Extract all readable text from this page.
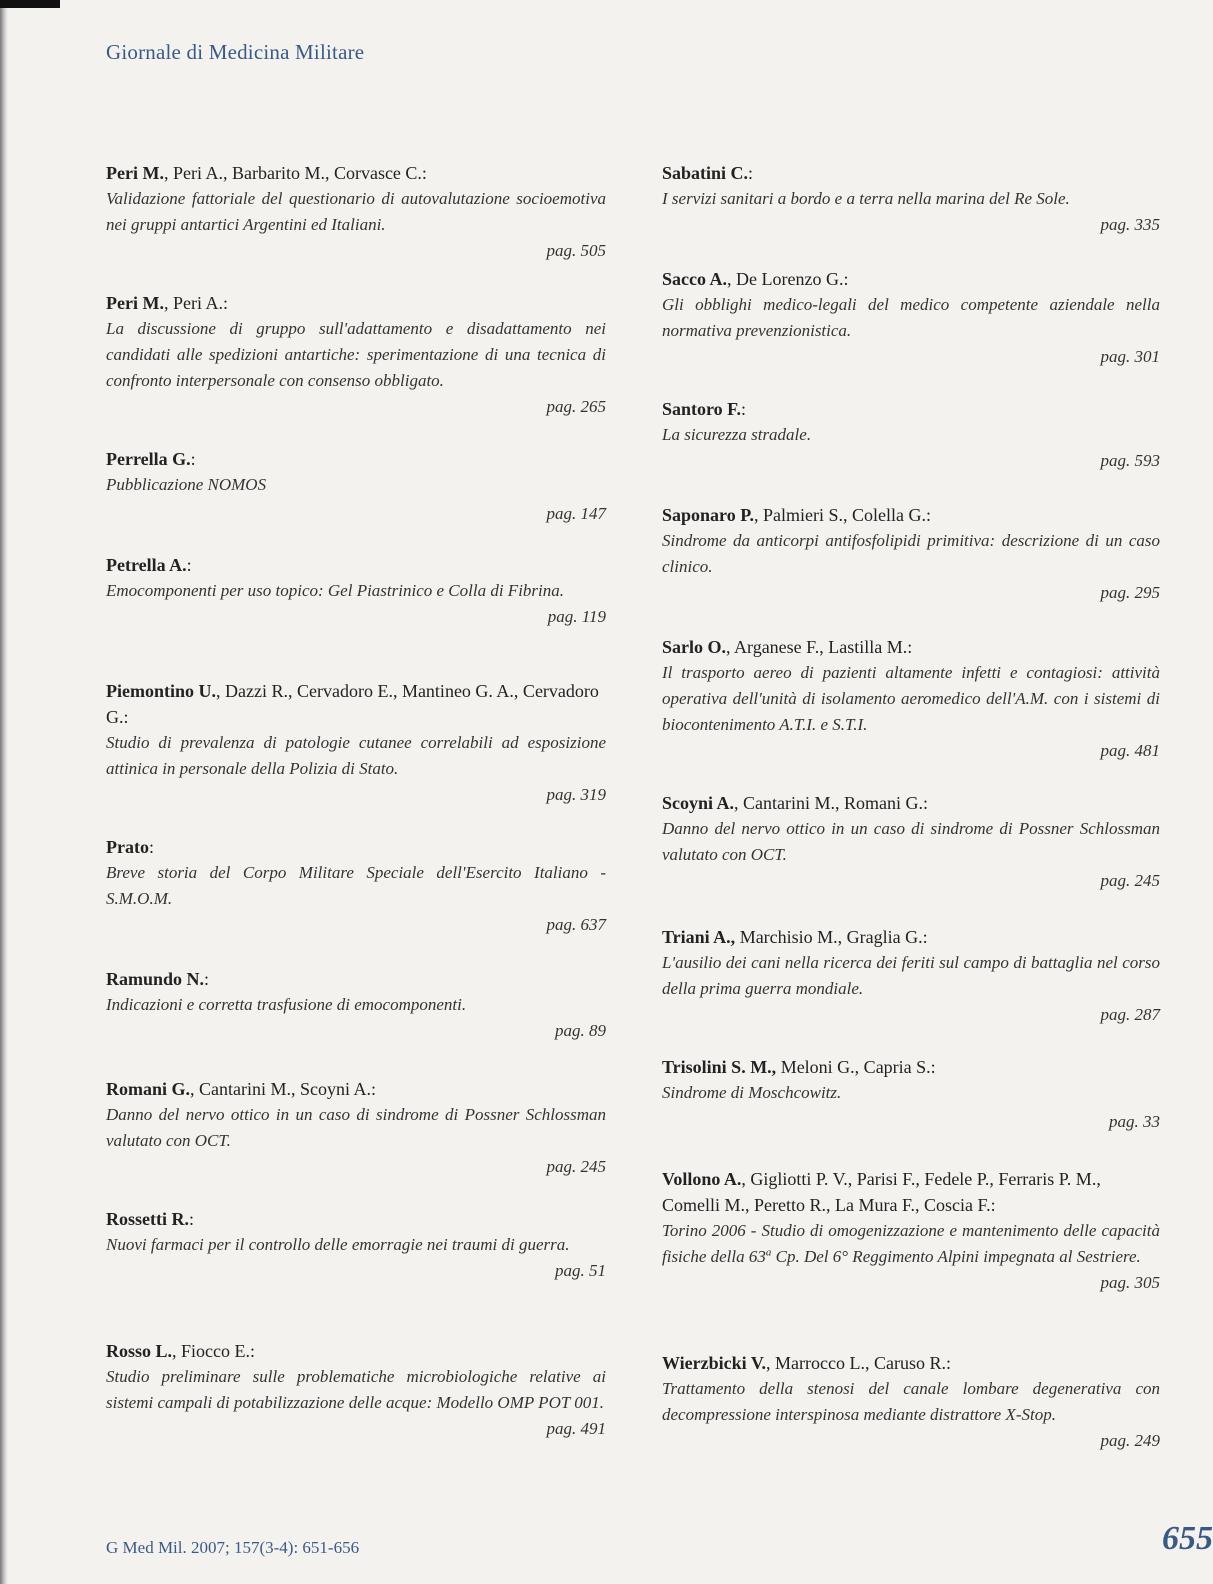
Giornale di Medicina Militare
Peri M., Peri A., Barbarito M., Corvasce C.:
Validazione fattoriale del questionario di autovalutazione socioemotiva nei gruppi antartici Argentini ed Italiani.
pag. 505
Peri M., Peri A.:
La discussione di gruppo sull'adattamento e disadattamento nei candidati alle spedizioni antartiche: sperimentazione di una tecnica di confronto interpersonale con consenso obbligato.
pag. 265
Perrella G.:
Pubblicazione NOMOS
pag. 147
Petrella A.:
Emocomponenti per uso topico: Gel Piastrinico e Colla di Fibrina.
pag. 119
Piemontino U., Dazzi R., Cervadoro E., Mantineo G. A., Cervadoro G.:
Studio di prevalenza di patologie cutanee correlabili ad esposizione attinica in personale della Polizia di Stato.
pag. 319
Prato:
Breve storia del Corpo Militare Speciale dell'Esercito Italiano - S.M.O.M.
pag. 637
Ramundo N.:
Indicazioni e corretta trasfusione di emocomponenti.
pag. 89
Romani G., Cantarini M., Scoyni A.:
Danno del nervo ottico in un caso di sindrome di Possner Schlossman valutato con OCT.
pag. 245
Rossetti R.:
Nuovi farmaci per il controllo delle emorragie nei traumi di guerra.
pag. 51
Rosso L., Fiocco E.:
Studio preliminare sulle problematiche microbiologiche relative ai sistemi campali di potabilizzazione delle acque: Modello OMP POT 001.
pag. 491
Sabatini C.:
I servizi sanitari a bordo e a terra nella marina del Re Sole.
pag. 335
Sacco A., De Lorenzo G.:
Gli obblighi medico-legali del medico competente aziendale nella normativa prevenzionistica.
pag. 301
Santoro F.:
La sicurezza stradale.
pag. 593
Saponaro P., Palmieri S., Colella G.:
Sindrome da anticorpi antifosfolipidi primitiva: descrizione di un caso clinico.
pag. 295
Sarlo O., Arganese F., Lastilla M.:
Il trasporto aereo di pazienti altamente infetti e contagiosi: attività operativa dell'unità di isolamento aeromedico dell'A.M. con i sistemi di biocontenimento A.T.I. e S.T.I.
pag. 481
Scoyni A., Cantarini M., Romani G.:
Danno del nervo ottico in un caso di sindrome di Possner Schlossman valutato con OCT.
pag. 245
Triani A., Marchisio M., Graglia G.:
L'ausilio dei cani nella ricerca dei feriti sul campo di battaglia nel corso della prima guerra mondiale.
pag. 287
Trisolini S. M., Meloni G., Capria S.:
Sindrome di Moschcowitz.
pag. 33
Vollono A., Gigliotti P. V., Parisi F., Fedele P., Ferraris P. M., Comelli M., Peretto R., La Mura F., Coscia F.:
Torino 2006 - Studio di omogenizzazione e mantenimento delle capacità fisiche della 63$^a$ Cp. Del 6° Reggimento Alpini impegnata al Sestriere.
pag. 305
Wierzbicki V., Marrocco L., Caruso R.:
Trattamento della stenosi del canale lombare degenerativa con decompressione interspinosa mediante distrattore X-Stop.
pag. 249
G Med Mil. 2007; 157(3-4): 651-656	655
